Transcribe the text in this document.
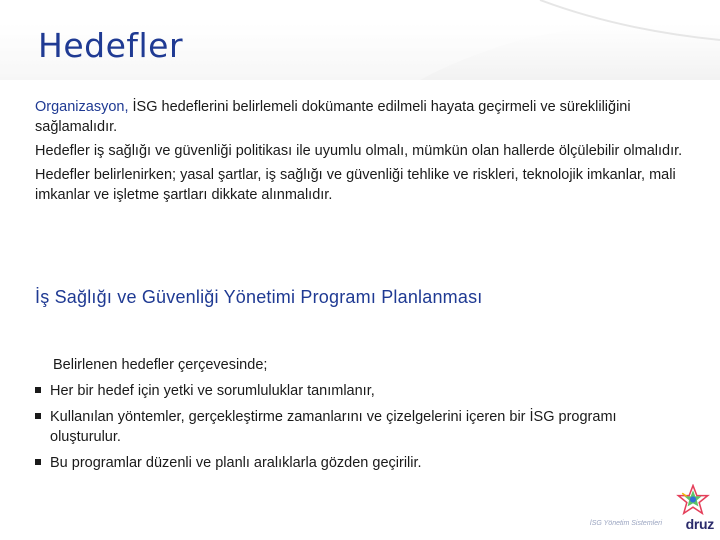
Hedefler

Organizasyon, İSG hedeflerini belirlemeli dokümante edilmeli hayata geçirmeli ve sürekliliğini sağlamalıdır.

Hedefler iş sağlığı ve güvenliği politikası ile uyumlu olmalı, mümkün olan hallerde ölçülebilir olmalıdır.

Hedefler belirlenirken; yasal şartlar, iş sağlığı ve güvenliği tehlike ve riskleri, teknolojik imkanlar, mali imkanlar ve işletme şartları dikkate alınmalıdır.

İş Sağlığı ve Güvenliği Yönetimi Programı Planlanması

Belirlenen hedefler çerçevesinde;

Her bir hedef için yetki ve sorumluluklar tanımlanır,
Kullanılan yöntemler, gerçekleştirme zamanlarını ve çizelgelerini içeren bir İSG programı oluşturulur.
Bu programlar düzenli ve planlı aralıklarla gözden geçirilir.
İSG Yönetim Sistemleri druz
